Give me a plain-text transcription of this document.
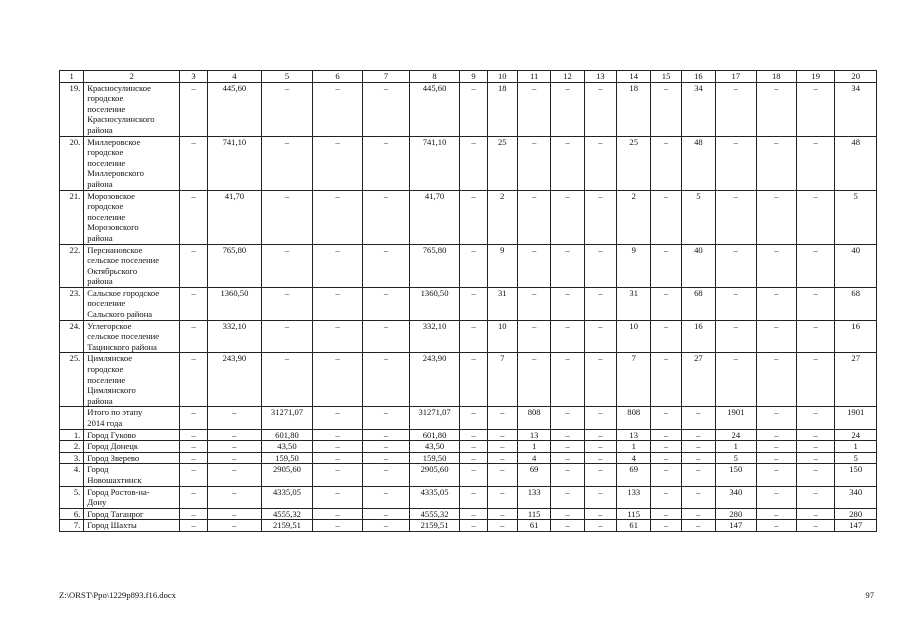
1	2	3	4	5	6	7	8	9	10	11	12	13	14	15	16	17	18	19	20
19.	Красносулинское
городское
поселение
Красносулинского
района	–	445,60	–	–	–	445,60	–	18	–	–	–	18	–	34	–	–	–	34
20.	Миллеровское
городское
поселение
Миллеровского
района	–	741,10	–	–	–	741,10	–	25	–	–	–	25	–	48	–	–	–	48
21.	Морозовское
городское
поселение
Морозовского
района	–	41,70	–	–	–	41,70	–	2	–	–	–	2	–	5	–	–	–	5
22.	Персиановское
сельское поселение
Октябрьского
района	–	765,80	–	–	–	765,80	–	9	–	–	–	9	–	40	–	–	–	40
23.	Сальское городское
поселение
Сальского района	–	1360,50	–	–	–	1360,50	–	31	–	–	–	31	–	68	–	–	–	68
24.	Углегорское
сельское поселение
Тацинского района	–	332,10	–	–	–	332,10	–	10	–	–	–	10	–	16	–	–	–	16
25.	Цимлянское
городское
поселение
Цимлянского
района	–	243,90	–	–	–	243,90	–	7	–	–	–	7	–	27	–	–	–	27

	Итого по этапу
2014 года	–	–	31271,07	–	–	31271,07	–	–	808	–	–	808	–	–	1901	–	–	1901
1.	Город Гуково	–	–	601,80	–	–	601,80	–	–	13	–	–	13	–	–	24	–	–	24
2.	Город Донецк	–	–	43,50	–	–	43,50	–	–	1	–	–	1	–	–	1	–	–	1
3.	Город Зверево	–	–	159,50	–	–	159,50	–	–	4	–	–	4	–	–	5	–	–	5
4.	Город
Новошахтинск	–	–	2905,60	–	–	2905,60	–	–	69	–	–	69	–	–	150	–	–	150
5.	Город Ростов-на-
Дону	–	–	4335,05	–	–	4335,05	–	–	133	–	–	133	–	–	340	–	–	340
6.	Город Таганрог	–	–	4555,32	–	–	4555,32	–	–	115	–	–	115	–	–	280	–	–	280
7.	Город Шахты	–	–	2159,51	–	–	2159,51	–	–	61	–	–	61	–	–	147	–	–	147
Z:\ORST\Ppo\1229p893.f16.docx	97
